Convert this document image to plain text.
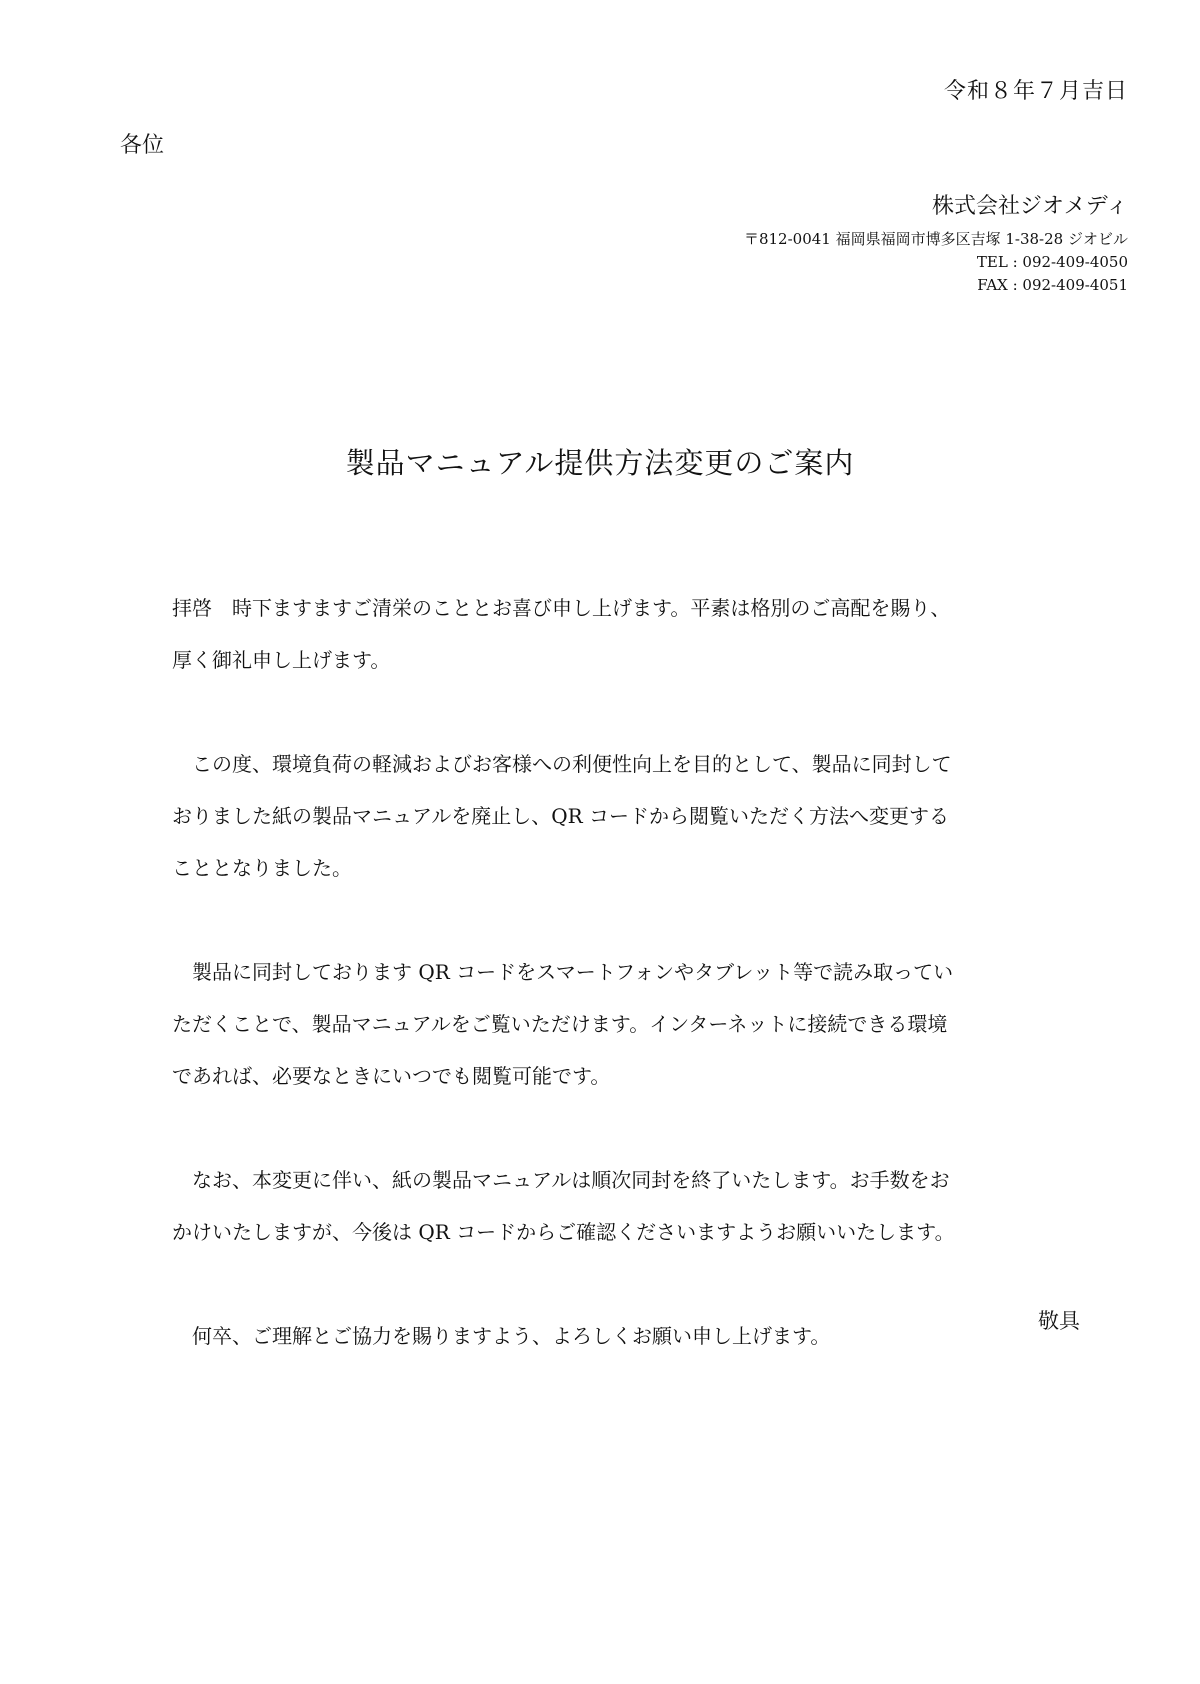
令和８年７月吉日
各位
株式会社ジオメディ
〒812-0041 福岡県福岡市博多区吉塚 1-38-28 ジオビル
TEL : 092-409-4050
FAX : 092-409-4051
製品マニュアル提供方法変更のご案内

拝啓　時下ますますご清栄のこととお喜び申し上げます。平素は格別のご高配を賜り、
厚く御礼申し上げます。

　この度、環境負荷の軽減およびお客様への利便性向上を目的として、製品に同封して
おりました紙の製品マニュアルを廃止し、QR コードから閲覧いただく方法へ変更する
こととなりました。

　製品に同封しております QR コードをスマートフォンやタブレット等で読み取ってい
ただくことで、製品マニュアルをご覧いただけます。インターネットに接続できる環境
であれば、必要なときにいつでも閲覧可能です。

　なお、本変更に伴い、紙の製品マニュアルは順次同封を終了いたします。お手数をお
かけいたしますが、今後は QR コードからご確認くださいますようお願いいたします。

　何卒、ご理解とご協力を賜りますよう、よろしくお願い申し上げます。

敬具
